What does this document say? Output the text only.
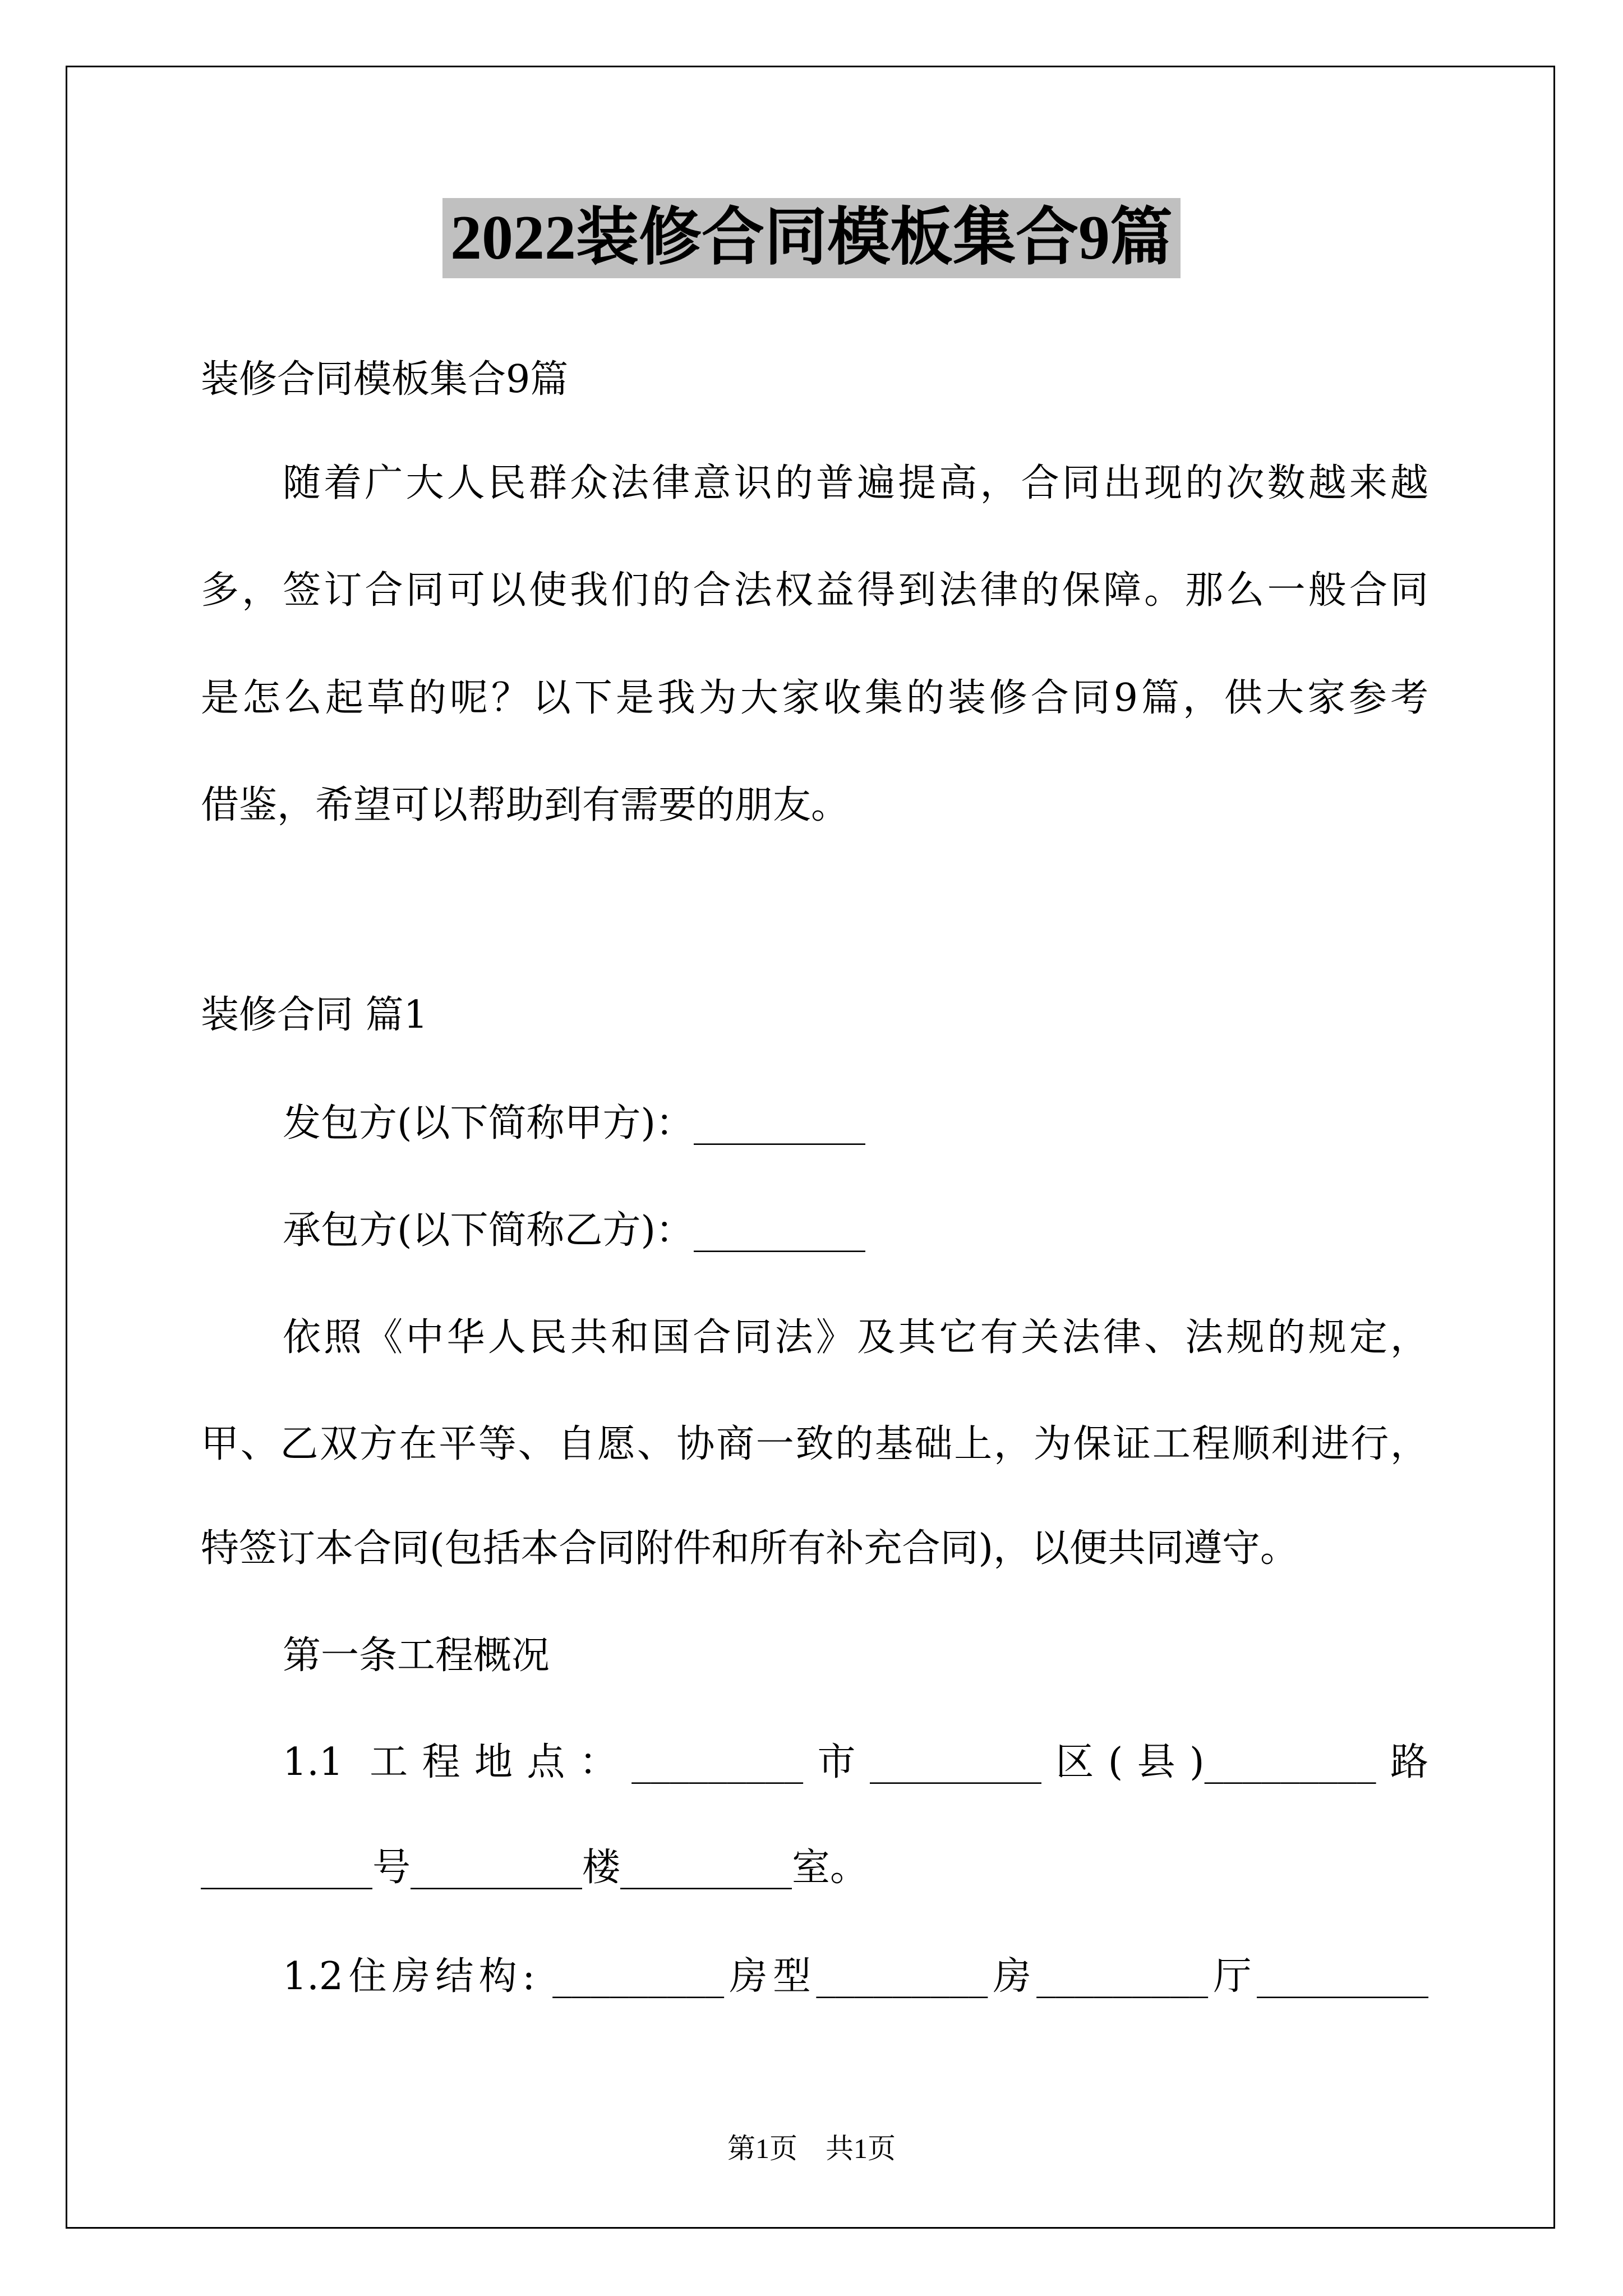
2022装修合同模板集合9篇
装修合同模板集合9篇
随着广大人民群众法律意识的普遍提高，合同出现的次数越来越
多，签订合同可以使我们的合法权益得到法律的保障。那么一般合同
是怎么起草的呢？以下是我为大家收集的装修合同9篇，供大家参考
借鉴，希望可以帮助到有需要的朋友。
装修合同 篇1
发包方(以下简称甲方)：_________
承包方(以下简称乙方)：_________
依照《中华人民共和国合同法》及其它有关法律、法规的规定，
甲、乙双方在平等、自愿、协商一致的基础上，为保证工程顺利进行，
特签订本合同(包括本合同附件和所有补充合同)，以便共同遵守。
第一条工程概况
1.1 工程地点：_________市_________区(县)_________路
_________号_________楼_________室。
1.2住房结构: _________房型_________房_________厅_________
第1页　共1页
